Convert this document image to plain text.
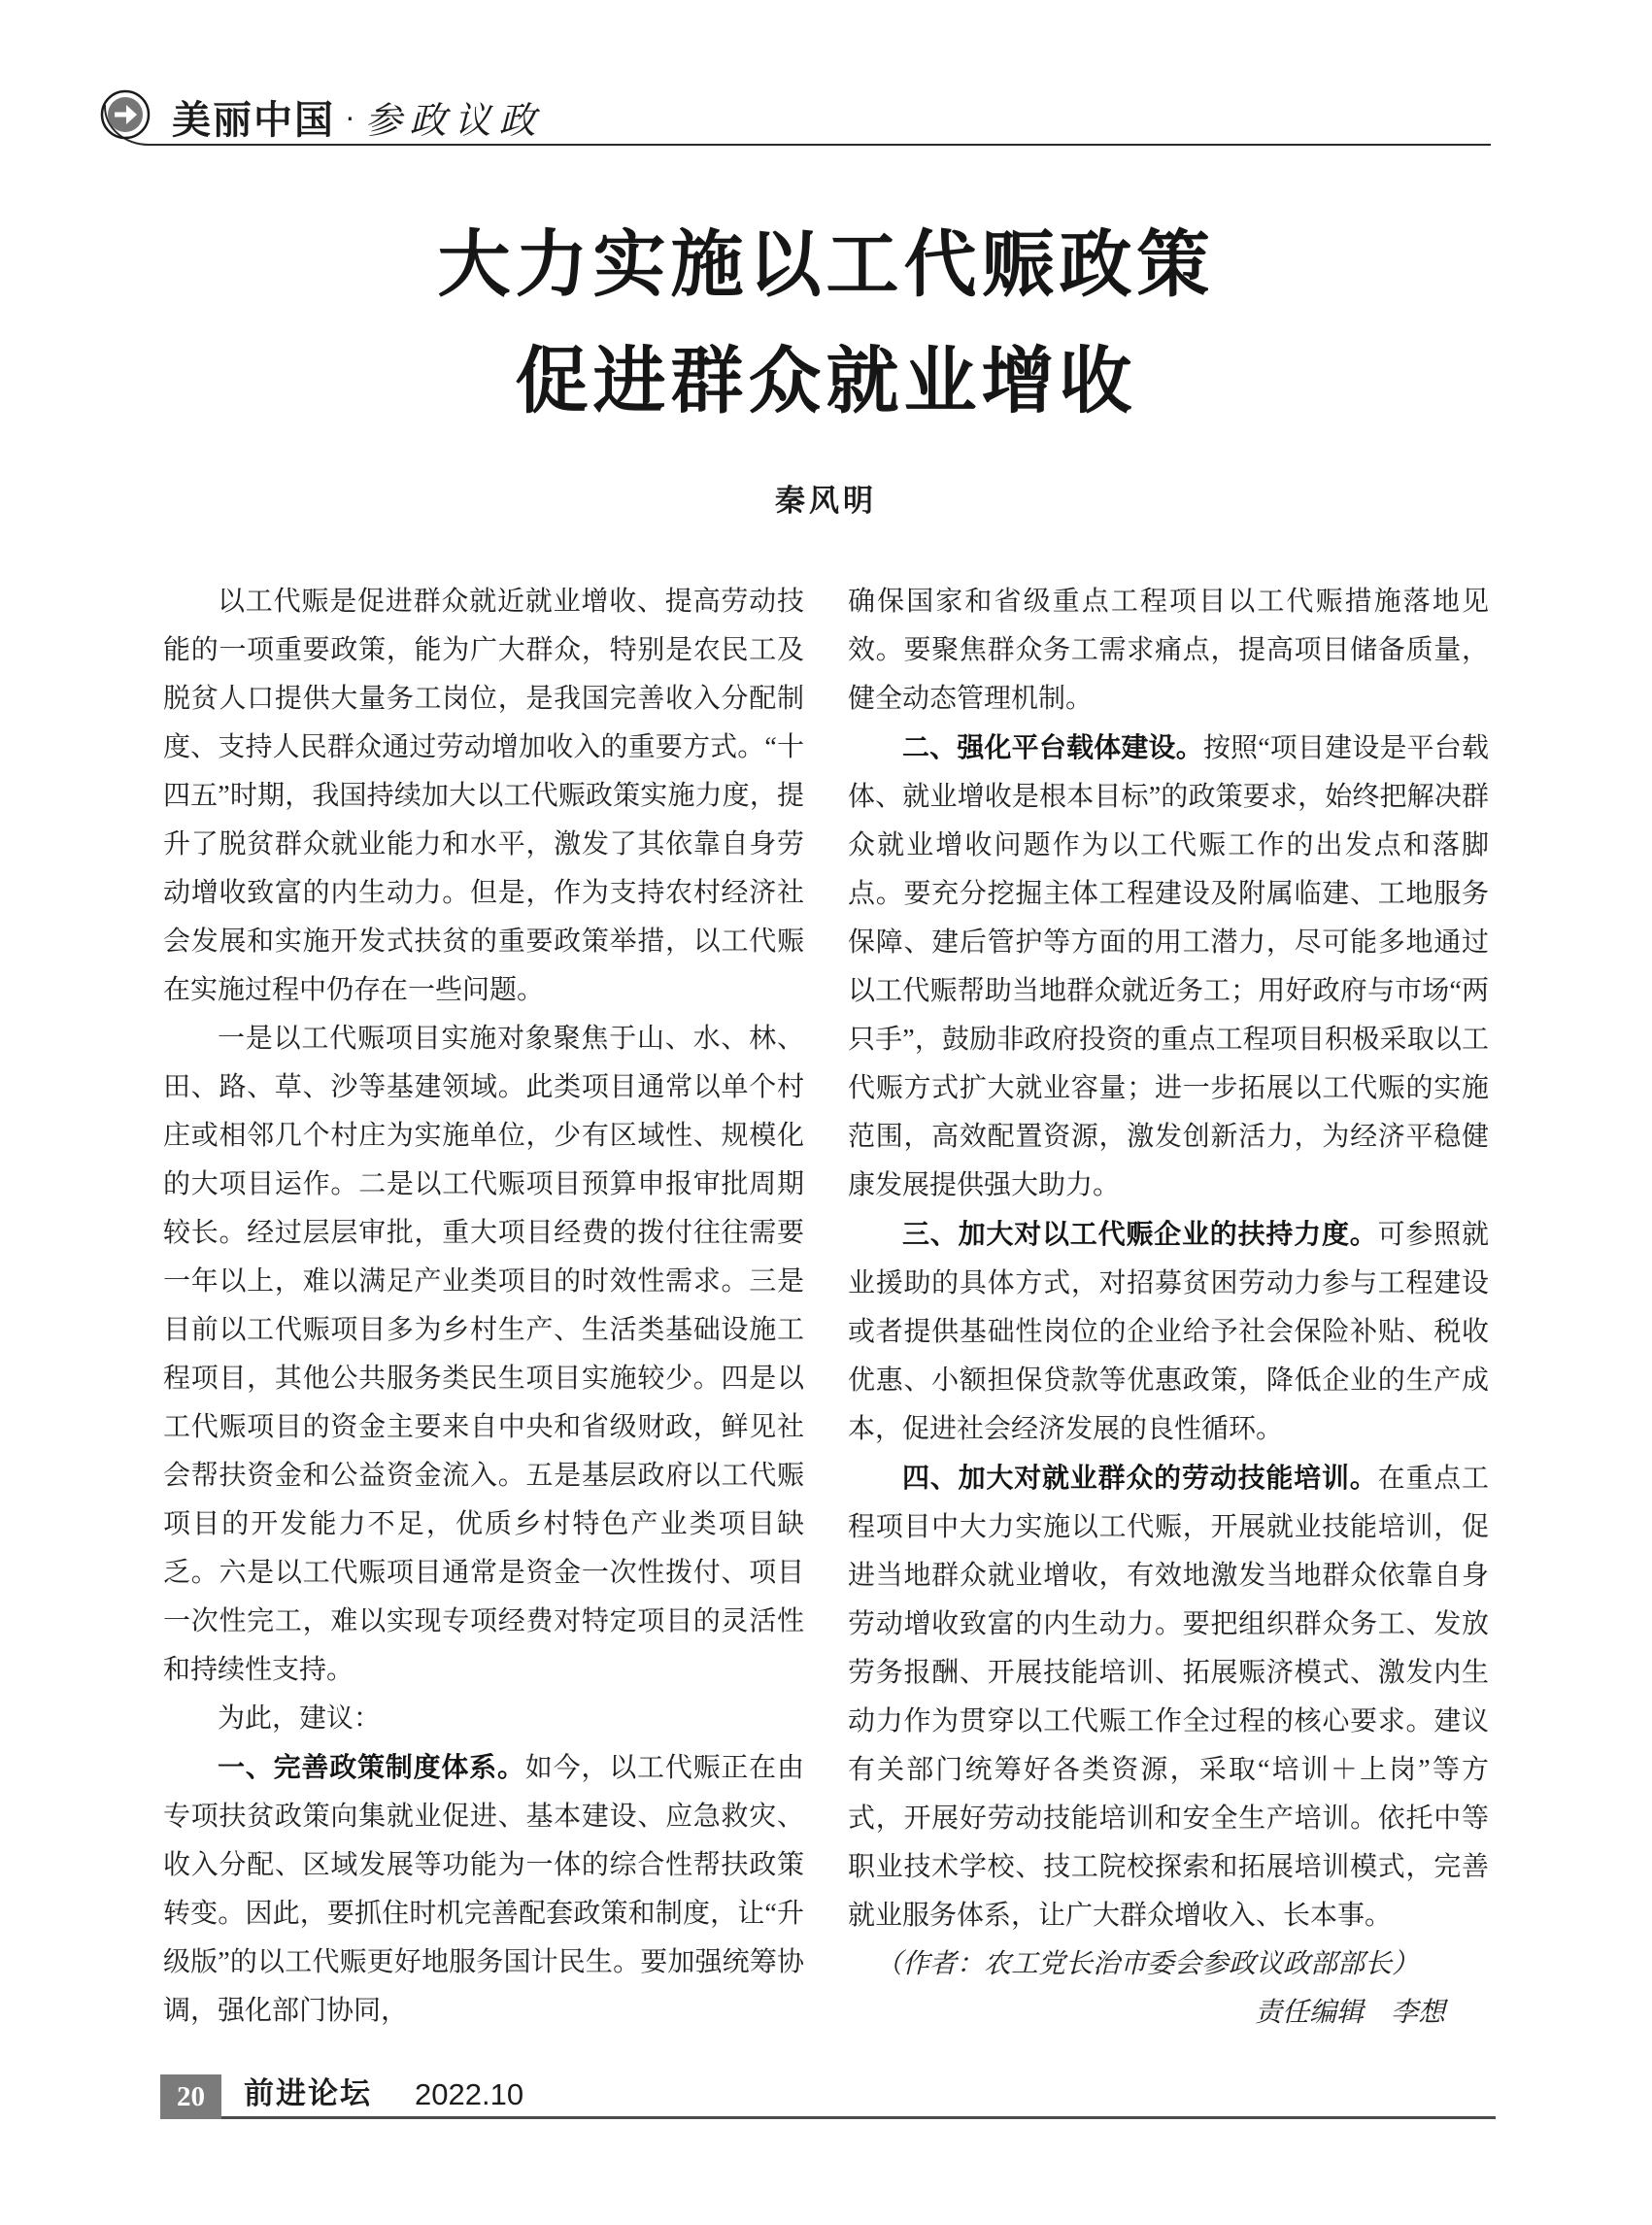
美丽中国 · 参政议政
大力实施以工代赈政策
促进群众就业增收
秦风明

以工代赈是促进群众就近就业增收、提高劳动技能的一项重要政策，能为广大群众，特别是农民工及脱贫人口提供大量务工岗位，是我国完善收入分配制度、支持人民群众通过劳动增加收入的重要方式。“十四五”时期，我国持续加大以工代赈政策实施力度，提升了脱贫群众就业能力和水平，激发了其依靠自身劳动增收致富的内生动力。但是，作为支持农村经济社会发展和实施开发式扶贫的重要政策举措，以工代赈在实施过程中仍存在一些问题。

一是以工代赈项目实施对象聚焦于山、水、林、田、路、草、沙等基建领域。此类项目通常以单个村庄或相邻几个村庄为实施单位，少有区域性、规模化的大项目运作。二是以工代赈项目预算申报审批周期较长。经过层层审批，重大项目经费的拨付往往需要一年以上，难以满足产业类项目的时效性需求。三是目前以工代赈项目多为乡村生产、生活类基础设施工程项目，其他公共服务类民生项目实施较少。四是以工代赈项目的资金主要来自中央和省级财政，鲜见社会帮扶资金和公益资金流入。五是基层政府以工代赈项目的开发能力不足，优质乡村特色产业类项目缺乏。六是以工代赈项目通常是资金一次性拨付、项目一次性完工，难以实现专项经费对特定项目的灵活性和持续性支持。

为此，建议：

一、完善政策制度体系。如今，以工代赈正在由专项扶贫政策向集就业促进、基本建设、应急救灾、收入分配、区域发展等功能为一体的综合性帮扶政策转变。因此，要抓住时机完善配套政策和制度，让“升级版”的以工代赈更好地服务国计民生。要加强统筹协调，强化部门协同，

确保国家和省级重点工程项目以工代赈措施落地见效。要聚焦群众务工需求痛点，提高项目储备质量，健全动态管理机制。

二、强化平台载体建设。按照“项目建设是平台载体、就业增收是根本目标”的政策要求，始终把解决群众就业增收问题作为以工代赈工作的出发点和落脚点。要充分挖掘主体工程建设及附属临建、工地服务保障、建后管护等方面的用工潜力，尽可能多地通过以工代赈帮助当地群众就近务工；用好政府与市场“两只手”，鼓励非政府投资的重点工程项目积极采取以工代赈方式扩大就业容量；进一步拓展以工代赈的实施范围，高效配置资源，激发创新活力，为经济平稳健康发展提供强大助力。

三、加大对以工代赈企业的扶持力度。可参照就业援助的具体方式，对招募贫困劳动力参与工程建设或者提供基础性岗位的企业给予社会保险补贴、税收优惠、小额担保贷款等优惠政策，降低企业的生产成本，促进社会经济发展的良性循环。

四、加大对就业群众的劳动技能培训。在重点工程项目中大力实施以工代赈，开展就业技能培训，促进当地群众就业增收，有效地激发当地群众依靠自身劳动增收致富的内生动力。要把组织群众务工、发放劳务报酬、开展技能培训、拓展赈济模式、激发内生动力作为贯穿以工代赈工作全过程的核心要求。建议有关部门统筹好各类资源，采取“培训＋上岗”等方式，开展好劳动技能培训和安全生产培训。依托中等职业技术学校、技工院校探索和拓展培训模式，完善就业服务体系，让广大群众增收入、长本事。

（作者：农工党长治市委会参政议政部部长）

责任编辑　李想

20 前进论坛 2022.10
